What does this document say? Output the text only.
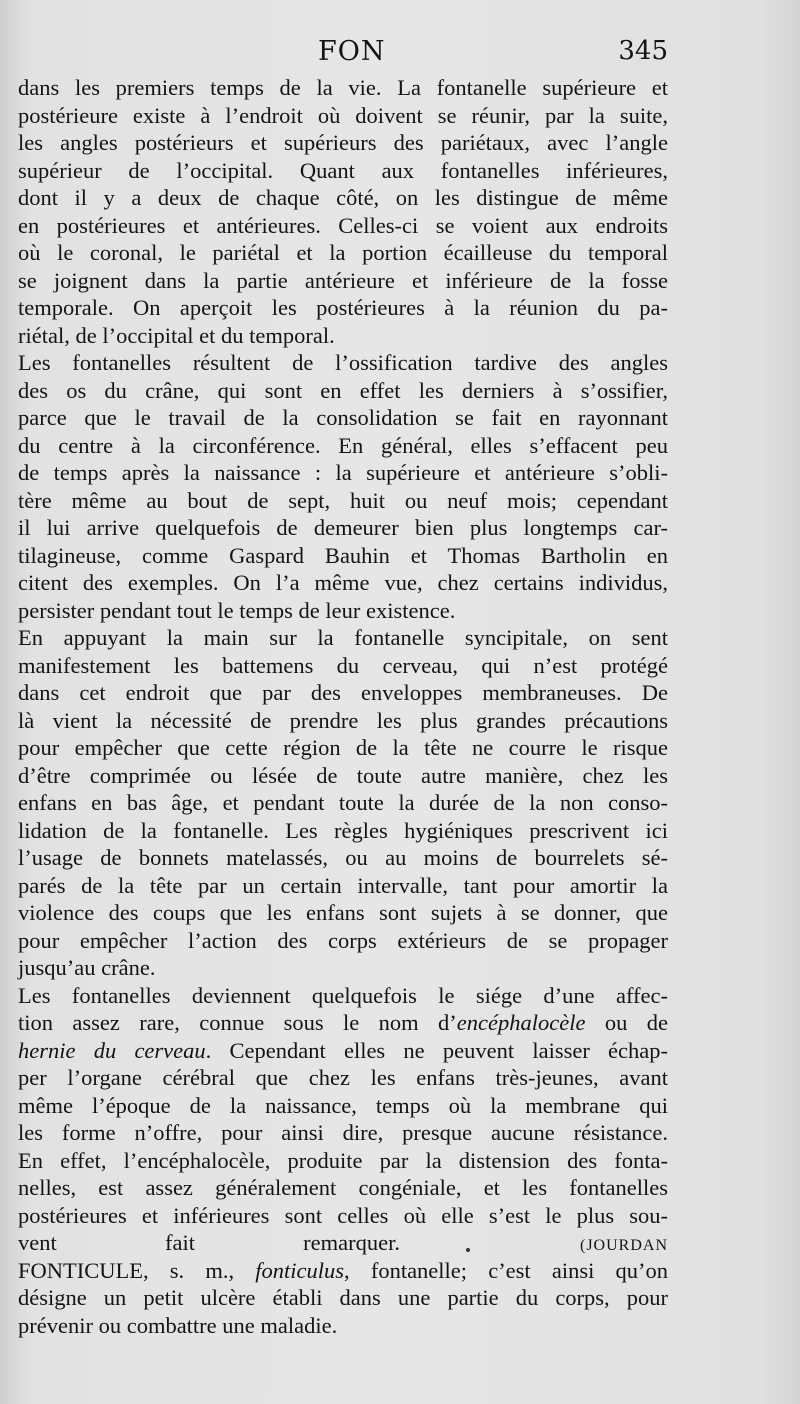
FON	345
dans les premiers temps de la vie. La fontanelle supérieure et
postérieure existe à l’endroit où doivent se réunir, par la suite,
les angles postérieurs et supérieurs des pariétaux, avec l’angle
supérieur de l’occipital. Quant aux fontanelles inférieures,
dont il y a deux de chaque côté, on les distingue de même
en postérieures et antérieures. Celles-ci se voient aux endroits
où le coronal, le pariétal et la portion écailleuse du temporal
se joignent dans la partie antérieure et inférieure de la fosse
temporale. On aperçoit les postérieures à la réunion du pa-
riétal, de l’occipital et du temporal.
Les fontanelles résultent de l’ossification tardive des angles
des os du crâne, qui sont en effet les derniers à s’ossifier,
parce que le travail de la consolidation se fait en rayonnant
du centre à la circonférence. En général, elles s’effacent peu
de temps après la naissance : la supérieure et antérieure s’obli-
tère même au bout de sept, huit ou neuf mois; cependant
il lui arrive quelquefois de demeurer bien plus longtemps car-
tilagineuse, comme Gaspard Bauhin et Thomas Bartholin en
citent des exemples. On l’a même vue, chez certains individus,
persister pendant tout le temps de leur existence.
En appuyant la main sur la fontanelle syncipitale, on sent
manifestement les battemens du cerveau, qui n’est protégé
dans cet endroit que par des enveloppes membraneuses. De
là vient la nécessité de prendre les plus grandes précautions
pour empêcher que cette région de la tête ne courre le risque
d’être comprimée ou lésée de toute autre manière, chez les
enfans en bas âge, et pendant toute la durée de la non conso-
lidation de la fontanelle. Les règles hygiéniques prescrivent ici
l’usage de bonnets matelassés, ou au moins de bourrelets sé-
parés de la tête par un certain intervalle, tant pour amortir la
violence des coups que les enfans sont sujets à se donner, que
pour empêcher l’action des corps extérieurs de se propager
jusqu’au crâne.
Les fontanelles deviennent quelquefois le siége d’une affec-
tion assez rare, connue sous le nom d’encéphalocèle ou de
hernie du cerveau. Cependant elles ne peuvent laisser échap-
per l’organe cérébral que chez les enfans très-jeunes, avant
même l’époque de la naissance, temps où la membrane qui
les forme n’offre, pour ainsi dire, presque aucune résistance.
En effet, l’encéphalocèle, produite par la distension des fonta-
nelles, est assez généralement congéniale, et les fontanelles
postérieures et inférieures sont celles où elle s’est le plus sou-
vent fait remarquer.        	(JOURDAN
FONTICULE, s. m., fonticulus, fontanelle; c’est ainsi qu’on
désigne un petit ulcère établi dans une partie du corps, pour
prévenir ou combattre une maladie.
